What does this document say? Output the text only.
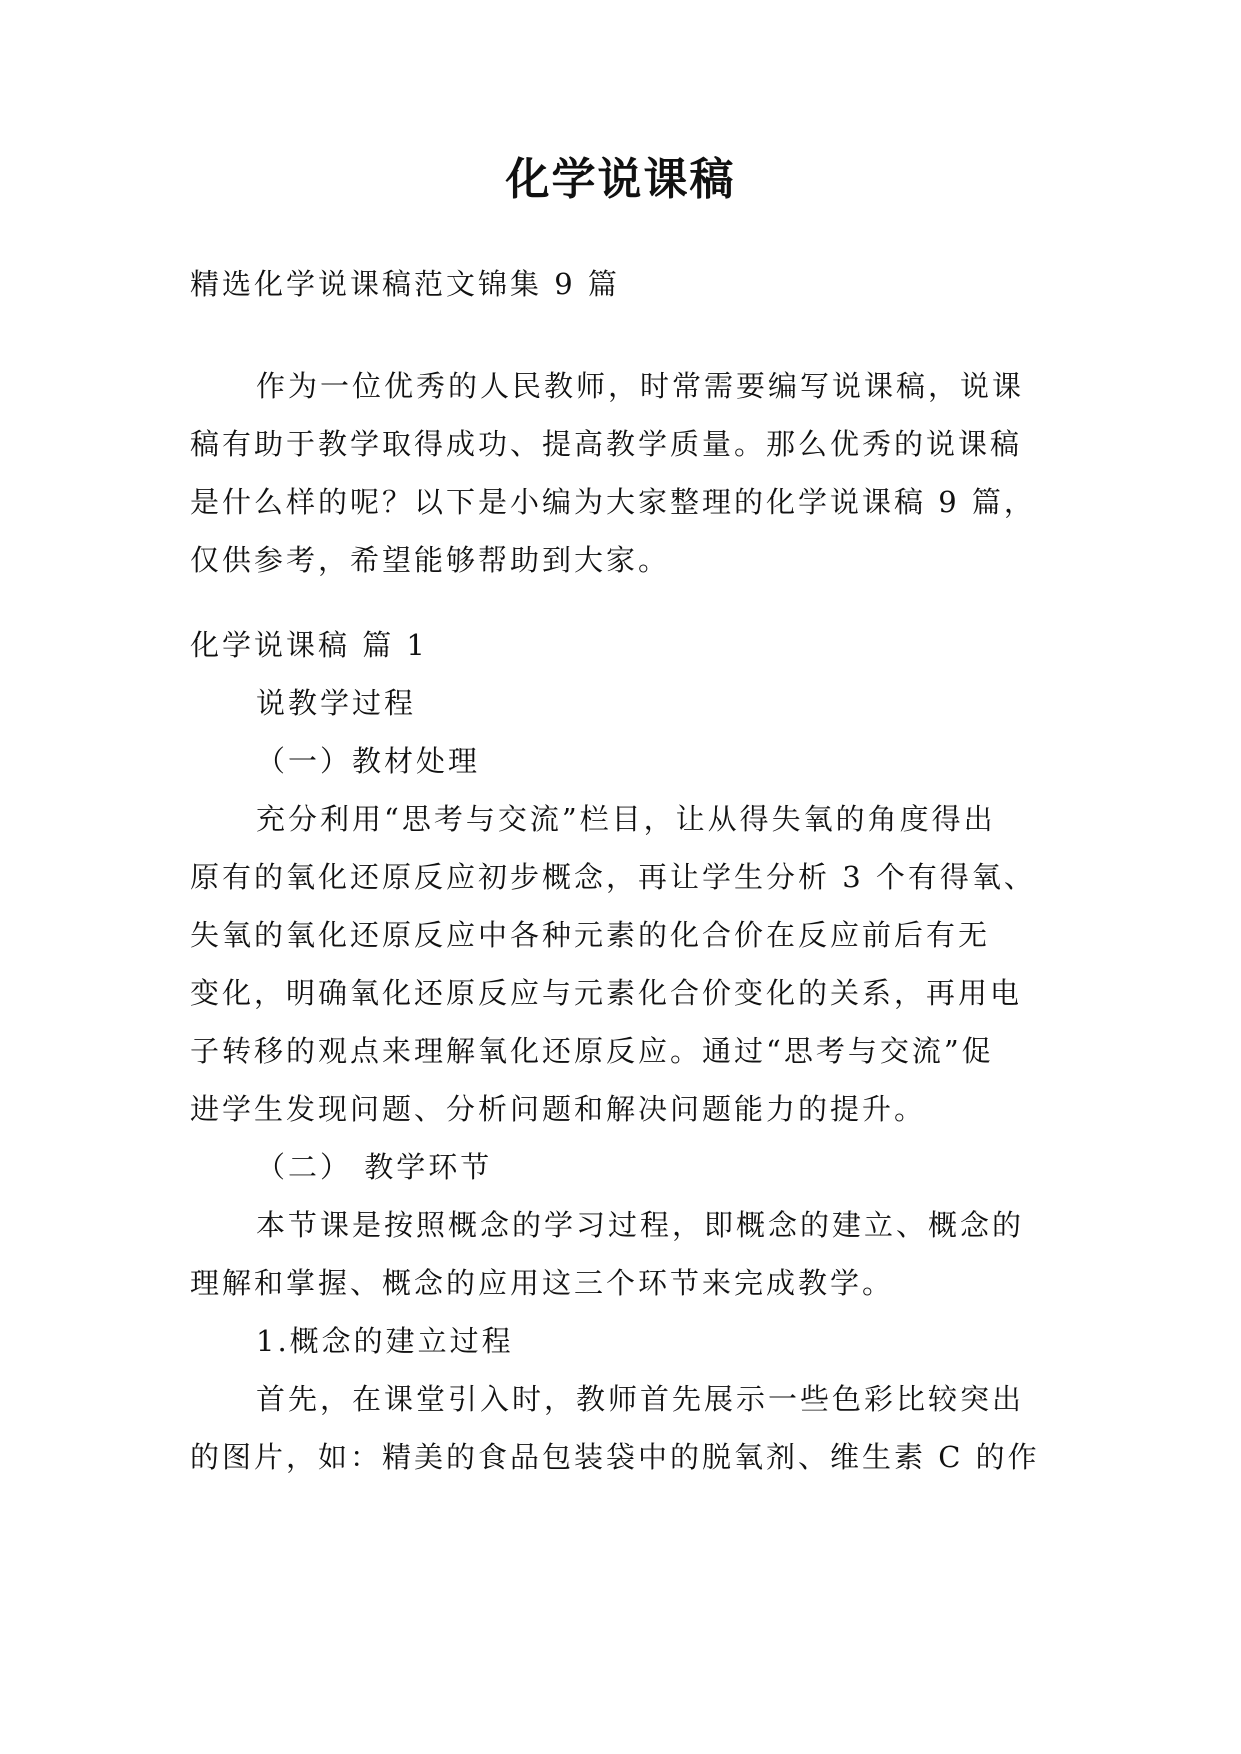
化学说课稿
精选化学说课稿范文锦集 9 篇
作为一位优秀的人民教师，时常需要编写说课稿，说课
稿有助于教学取得成功、提高教学质量。那么优秀的说课稿
是什么样的呢？以下是小编为大家整理的化学说课稿 9 篇，
仅供参考，希望能够帮助到大家。
化学说课稿 篇 1
说教学过程
（一）教材处理
充分利用“思考与交流”栏目，让从得失氧的角度得出
原有的氧化还原反应初步概念，再让学生分析 3 个有得氧、
失氧的氧化还原反应中各种元素的化合价在反应前后有无
变化，明确氧化还原反应与元素化合价变化的关系，再用电
子转移的观点来理解氧化还原反应。通过“思考与交流”促
进学生发现问题、分析问题和解决问题能力的提升。
（二） 教学环节
本节课是按照概念的学习过程，即概念的建立、概念的
理解和掌握、概念的应用这三个环节来完成教学。
1.概念的建立过程
首先，在课堂引入时，教师首先展示一些色彩比较突出
的图片，如：精美的食品包装袋中的脱氧剂、维生素 C 的作
